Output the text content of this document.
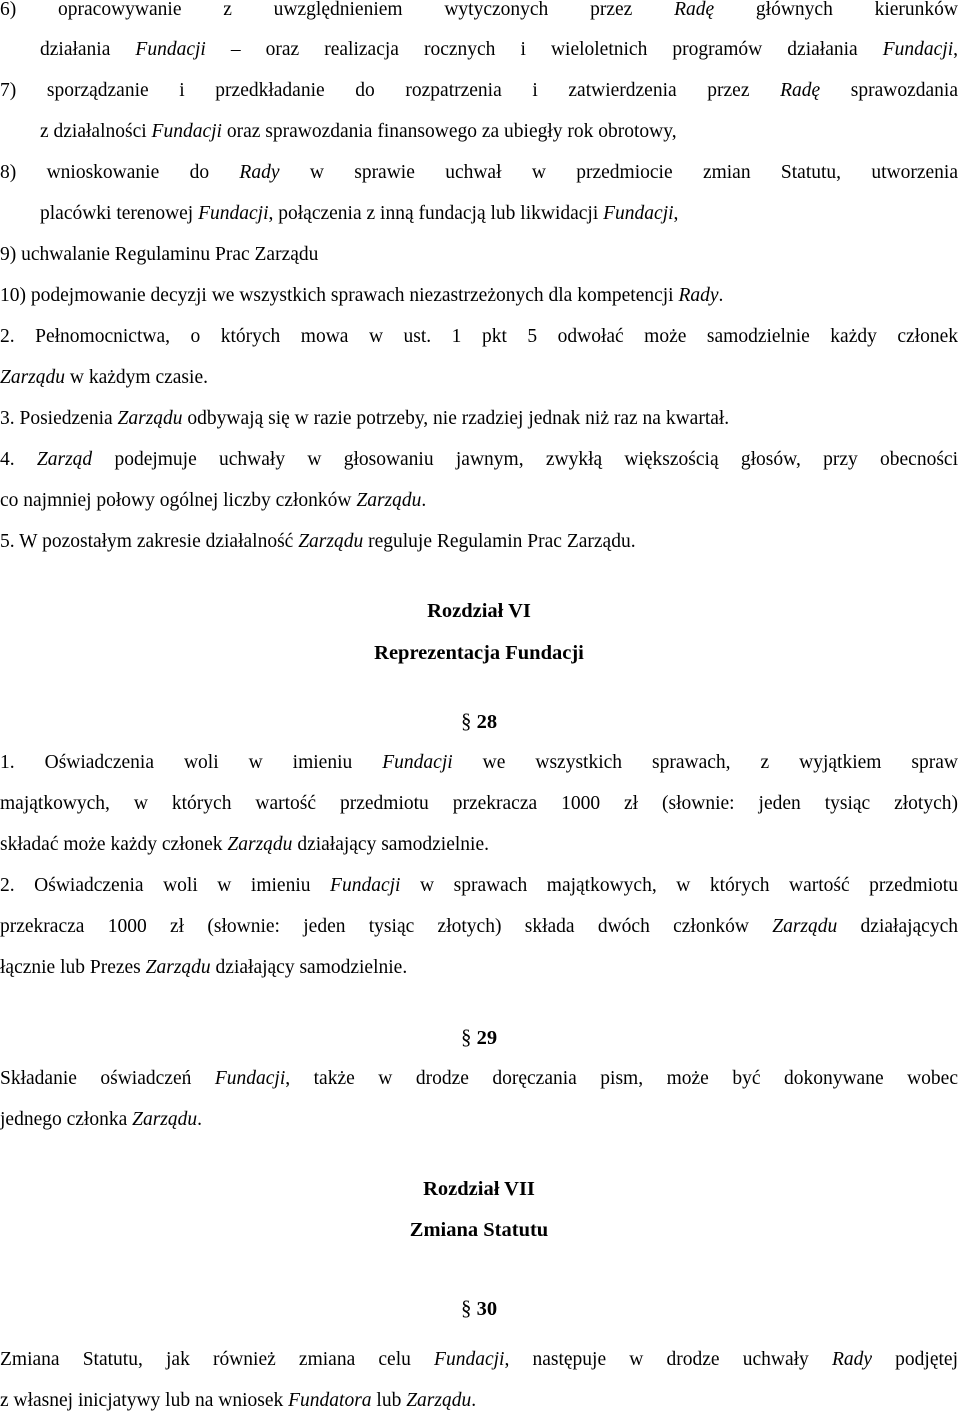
6) opracowywanie z uwzględnieniem wytyczonych przez Radę głównych kierunków
działania Fundacji – oraz realizacja rocznych i wieloletnich programów działania Fundacji,
7) sporządzanie i przedkładanie do rozpatrzenia i zatwierdzenia przez Radę sprawozdania
z działalności Fundacji oraz sprawozdania finansowego za ubiegły rok obrotowy,
8) wnioskowanie do Rady w sprawie uchwał w przedmiocie zmian Statutu, utworzenia
placówki terenowej Fundacji, połączenia z inną fundacją lub likwidacji Fundacji,
9) uchwalanie Regulaminu Prac Zarządu
10) podejmowanie decyzji we wszystkich sprawach niezastrzeżonych dla kompetencji Rady.
2. Pełnomocnictwa, o których mowa w ust. 1 pkt 5 odwołać może samodzielnie każdy członek
Zarządu w każdym czasie.
3. Posiedzenia Zarządu odbywają się w razie potrzeby, nie rzadziej jednak niż raz na kwartał.
4. Zarząd podejmuje uchwały w głosowaniu jawnym, zwykłą większością głosów, przy obecności
co najmniej połowy ogólnej liczby członków Zarządu.
5. W pozostałym zakresie działalność Zarządu reguluje Regulamin Prac Zarządu.
Rozdział VI
Reprezentacja Fundacji
§ 28
1. Oświadczenia woli w imieniu Fundacji we wszystkich sprawach, z wyjątkiem spraw
majątkowych, w których wartość przedmiotu przekracza 1000 zł (słownie: jeden tysiąc złotych)
składać może każdy członek Zarządu działający samodzielnie.
2. Oświadczenia woli w imieniu Fundacji w sprawach majątkowych, w których wartość przedmiotu
przekracza 1000 zł (słownie: jeden tysiąc złotych) składa dwóch członków Zarządu działających
łącznie lub Prezes Zarządu działający samodzielnie.
§ 29
Składanie oświadczeń Fundacji, także w drodze doręczania pism, może być dokonywane wobec
jednego członka Zarządu.
Rozdział VII
Zmiana Statutu
§ 30
Zmiana Statutu, jak również zmiana celu Fundacji, następuje w drodze uchwały Rady podjętej
z własnej inicjatywy lub na wniosek Fundatora lub Zarządu.
